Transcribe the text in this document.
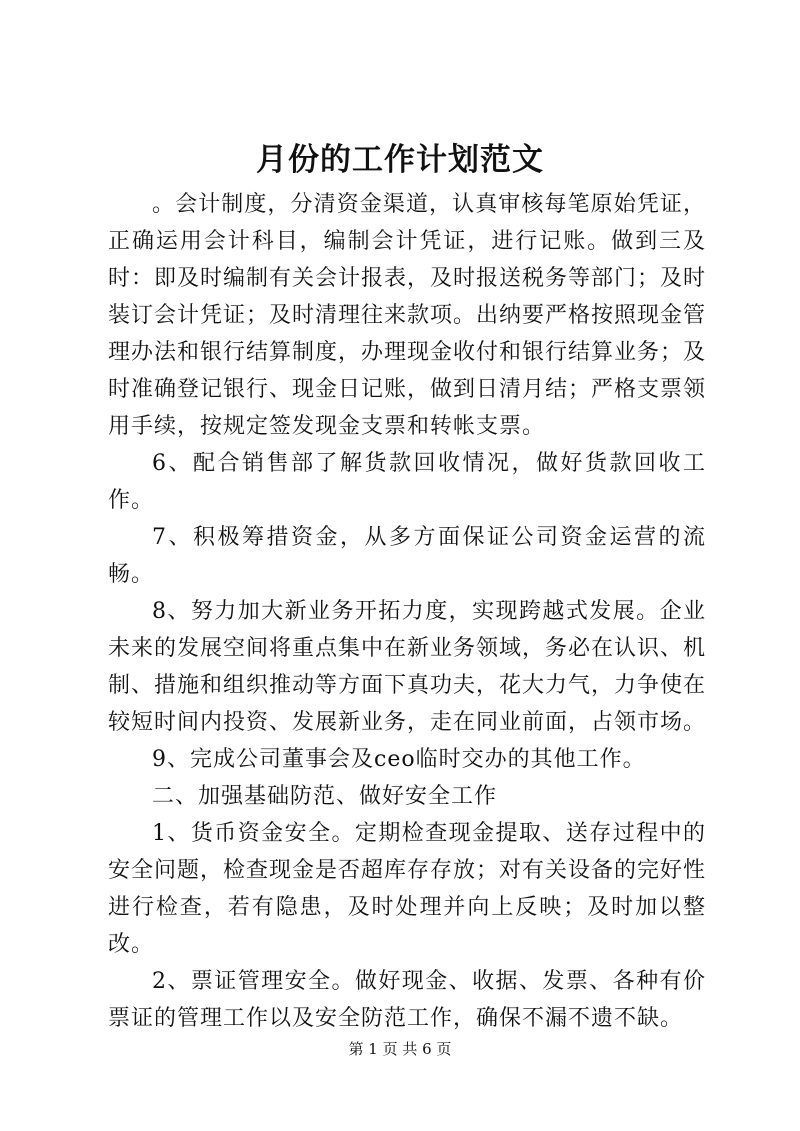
月份的工作计划范文

。会计制度，分清资金渠道，认真审核每笔原始凭证，正确运用会计科目，编制会计凭证，进行记账。做到三及时：即及时编制有关会计报表，及时报送税务等部门；及时装订会计凭证；及时清理往来款项。出纳要严格按照现金管理办法和银行结算制度，办理现金收付和银行结算业务；及时准确登记银行、现金日记账，做到日清月结；严格支票领用手续，按规定签发现金支票和转帐支票。

6、配合销售部了解货款回收情况，做好货款回收工作。

7、积极筹措资金，从多方面保证公司资金运营的流畅。

8、努力加大新业务开拓力度，实现跨越式发展。企业未来的发展空间将重点集中在新业务领域，务必在认识、机制、措施和组织推动等方面下真功夫，花大力气，力争使在较短时间内投资、发展新业务，走在同业前面，占领市场。

9、完成公司董事会及ceo临时交办的其他工作。

二、加强基础防范、做好安全工作

1、货币资金安全。定期检查现金提取、送存过程中的安全问题，检查现金是否超库存存放；对有关设备的完好性进行检查，若有隐患，及时处理并向上反映；及时加以整改。

2、票证管理安全。做好现金、收据、发票、各种有价票证的管理工作以及安全防范工作，确保不漏不遗不缺。

第 1 页 共 6 页
